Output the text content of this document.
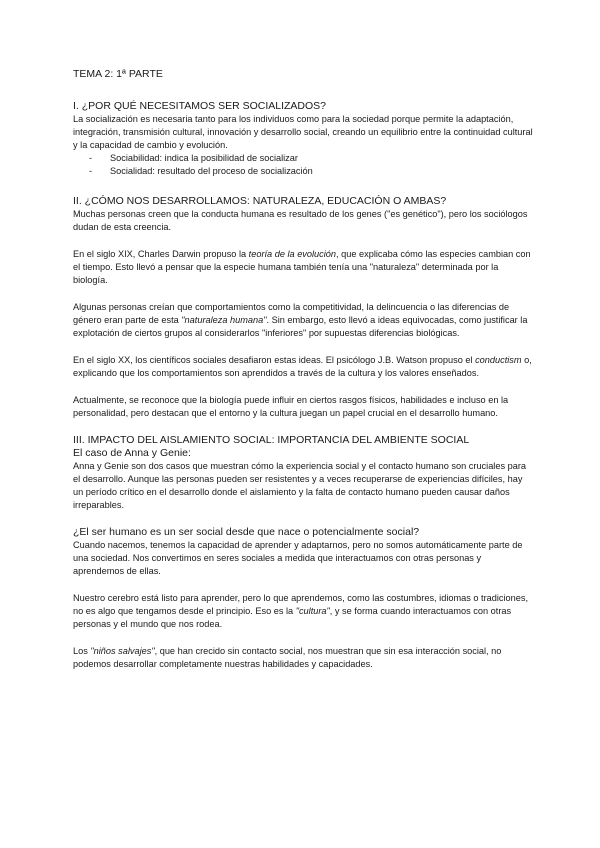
TEMA 2: 1ª PARTE

I. ¿POR QUÉ NECESITAMOS SER SOCIALIZADOS?

La socialización es necesaria tanto para los individuos como para la sociedad porque permite la adaptación, integración, transmisión cultural, innovación y desarrollo social, creando un equilibrio entre la continuidad cultural y la capacidad de cambio y evolución.

- Sociabilidad: indica la posibilidad de socializar
- Socialidad: resultado del proceso de socialización

II. ¿CÓMO NOS DESARROLLAMOS: NATURALEZA, EDUCACIÓN O AMBAS?

Muchas personas creen que la conducta humana es resultado de los genes ("es genético"), pero los sociólogos dudan de esta creencia.

En el siglo XIX, Charles Darwin propuso la teoría de la evolución, que explicaba cómo las especies cambian con el tiempo. Esto llevó a pensar que la especie humana también tenía una "naturaleza" determinada por la biología.

Algunas personas creían que comportamientos como la competitividad, la delincuencia o las diferencias de género eran parte de esta "naturaleza humana". Sin embargo, esto llevó a ideas equivocadas, como justificar la explotación de ciertos grupos al considerarlos "inferiores" por supuestas diferencias biológicas.

En el siglo XX, los científicos sociales desafiaron estas ideas. El psicólogo J.B. Watson propuso el conductism o, explicando que los comportamientos son aprendidos a través de la cultura y los valores enseñados.

Actualmente, se reconoce que la biología puede influir en ciertos rasgos físicos, habilidades e incluso en la personalidad, pero destacan que el entorno y la cultura juegan un papel crucial en el desarrollo humano.

III. IMPACTO DEL AISLAMIENTO SOCIAL: IMPORTANCIA DEL AMBIENTE SOCIAL

El caso de Anna y Genie:

Anna y Genie son dos casos que muestran cómo la experiencia social y el contacto humano son cruciales para el desarrollo. Aunque las personas pueden ser resistentes y a veces recuperarse de experiencias difíciles, hay un período crítico en el desarrollo donde el aislamiento y la falta de contacto humano pueden causar daños irreparables.

¿El ser humano es un ser social desde que nace o potencialmente social?

Cuando nacemos, tenemos la capacidad de aprender y adaptarnos, pero no somos automáticamente parte de una sociedad. Nos convertimos en seres sociales a medida que interactuamos con otras personas y aprendemos de ellas.

Nuestro cerebro está listo para aprender, pero lo que aprendemos, como las costumbres, idiomas o tradiciones, no es algo que tengamos desde el principio. Eso es la "cultura", y se forma cuando interactuamos con otras personas y el mundo que nos rodea.

Los "niños salvajes", que han crecido sin contacto social, nos muestran que sin esa interacción social, no podemos desarrollar completamente nuestras habilidades y capacidades.
